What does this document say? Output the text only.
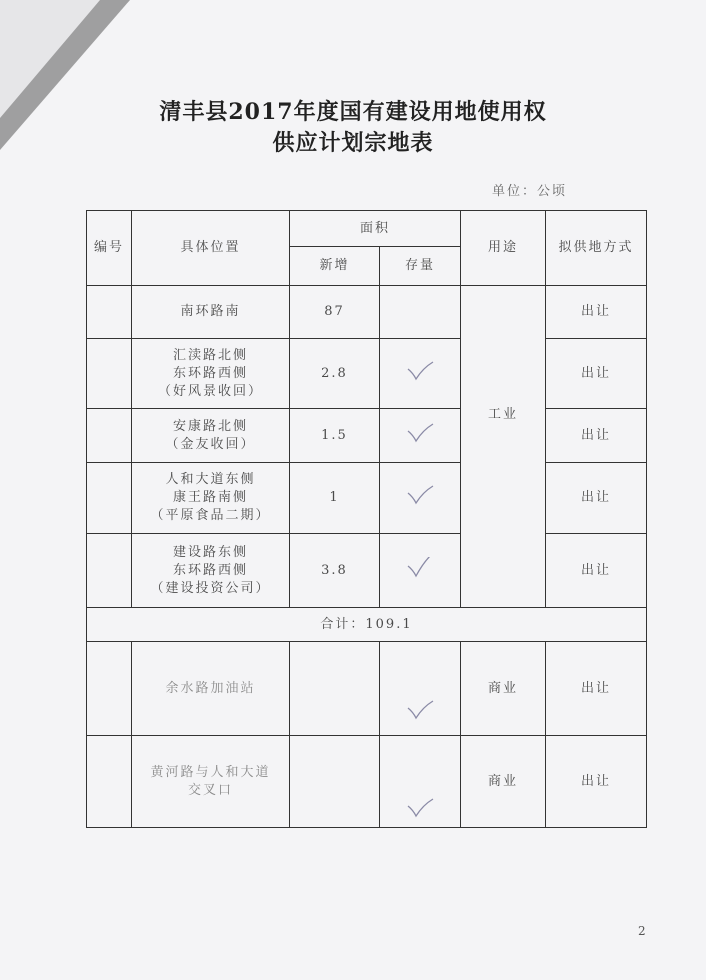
清丰县2017年度国有建设用地使用权
供应计划宗地表
单位：公顷
编号	具体位置	面积		用途	拟供地方式
		新增	存量		

	南环路南	87		工业	出让

	汇渎路北侧
东环路西侧
（好风景收回）	2.8			出让

	安康路北侧
（金友收回）	1.5			出让

	人和大道东侧
康王路南侧
（平原食品二期）	1			出让

	建设路东侧
东环路西侧
（建设投资公司）	3.8			出让
合计：109.1					

	余水路加油站			商业	出让

	黄河路与人和大道
交叉口			商业	出让
2
